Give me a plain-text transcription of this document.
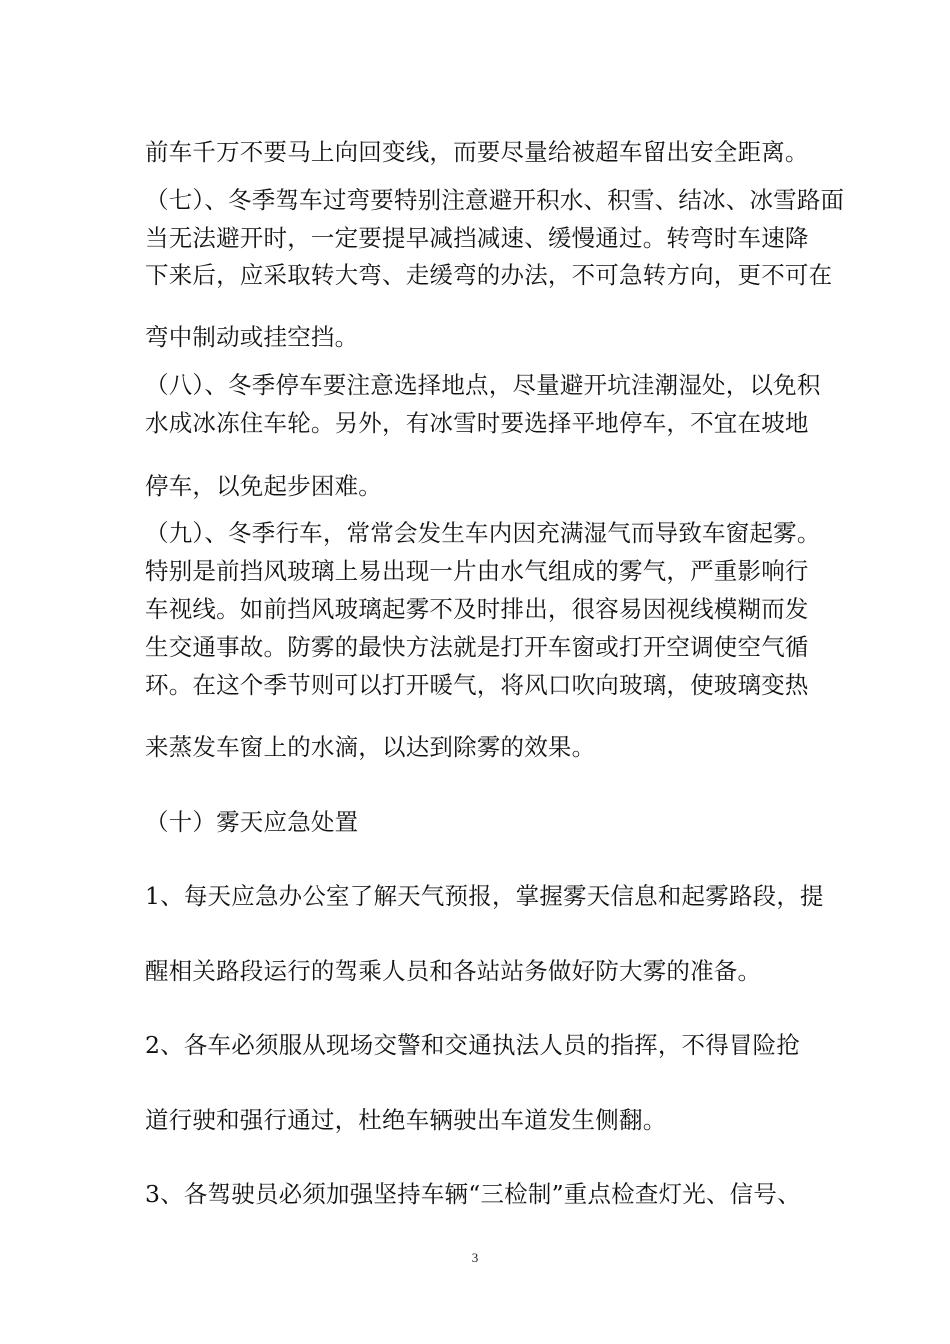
前车千万不要马上向回变线，而要尽量给被超车留出安全距离。
（七）、冬季驾车过弯要特别注意避开积水、积雪、结冰、冰雪路面
当无法避开时，一定要提早减挡减速、缓慢通过。转弯时车速降
下来后，应采取转大弯、走缓弯的办法，不可急转方向，更不可在
弯中制动或挂空挡。
（八）、冬季停车要注意选择地点，尽量避开坑洼潮湿处，以免积
水成冰冻住车轮。另外，有冰雪时要选择平地停车，不宜在坡地
停车，以免起步困难。
（九）、冬季行车，常常会发生车内因充满湿气而导致车窗起雾。
特别是前挡风玻璃上易出现一片由水气组成的雾气，严重影响行
车视线。如前挡风玻璃起雾不及时排出，很容易因视线模糊而发
生交通事故。防雾的最快方法就是打开车窗或打开空调使空气循
环。在这个季节则可以打开暖气，将风口吹向玻璃，使玻璃变热
来蒸发车窗上的水滴，以达到除雾的效果。
（十）雾天应急处置
1、每天应急办公室了解天气预报，掌握雾天信息和起雾路段，提
醒相关路段运行的驾乘人员和各站站务做好防大雾的准备。
2、各车必须服从现场交警和交通执法人员的指挥，不得冒险抢
道行驶和强行通过，杜绝车辆驶出车道发生侧翻。
3、各驾驶员必须加强坚持车辆“三检制”重点检查灯光、信号、
3
